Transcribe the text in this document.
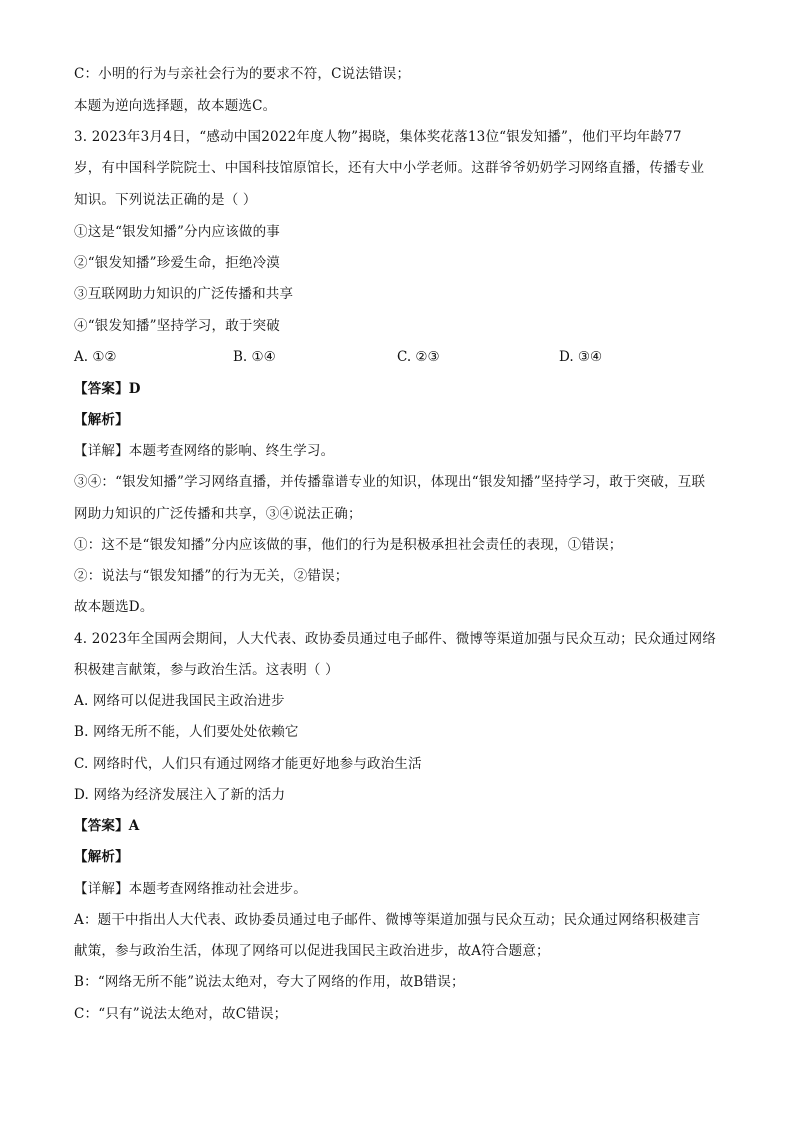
C：小明的行为与亲社会行为的要求不符，C说法错误；
本题为逆向选择题，故本题选C。
3. 2023年3月4日，“感动中国2022年度人物”揭晓，集体奖花落13位“银发知播”，他们平均年龄77
岁，有中国科学院院士、中国科技馆原馆长，还有大中小学老师。这群爷爷奶奶学习网络直播，传播专业
知识。下列说法正确的是（ ）
①这是“银发知播”分内应该做的事
②“银发知播”珍爱生命，拒绝冷漠
③互联网助力知识的广泛传播和共享
④“银发知播”坚持学习，敢于突破
A. ①②	B. ①④	C. ②③	D. ③④
【答案】D
【解析】
【详解】本题考查网络的影响、终生学习。
③④：“银发知播”学习网络直播，并传播靠谱专业的知识，体现出“银发知播”坚持学习，敢于突破，互联
网助力知识的广泛传播和共享，③④说法正确；
①：这不是“银发知播”分内应该做的事，他们的行为是积极承担社会责任的表现，①错误；
②：说法与“银发知播”的行为无关，②错误；
故本题选D。
4. 2023年全国两会期间，人大代表、政协委员通过电子邮件、微博等渠道加强与民众互动；民众通过网络
积极建言献策，参与政治生活。这表明（ ）
A. 网络可以促进我国民主政治进步
B. 网络无所不能，人们要处处依赖它
C. 网络时代，人们只有通过网络才能更好地参与政治生活
D. 网络为经济发展注入了新的活力
【答案】A
【解析】
【详解】本题考查网络推动社会进步。
A：题干中指出人大代表、政协委员通过电子邮件、微博等渠道加强与民众互动；民众通过网络积极建言
献策，参与政治生活，体现了网络可以促进我国民主政治进步，故A符合题意；
B：“网络无所不能”说法太绝对，夸大了网络的作用，故B错误；
C：“只有”说法太绝对，故C错误；
